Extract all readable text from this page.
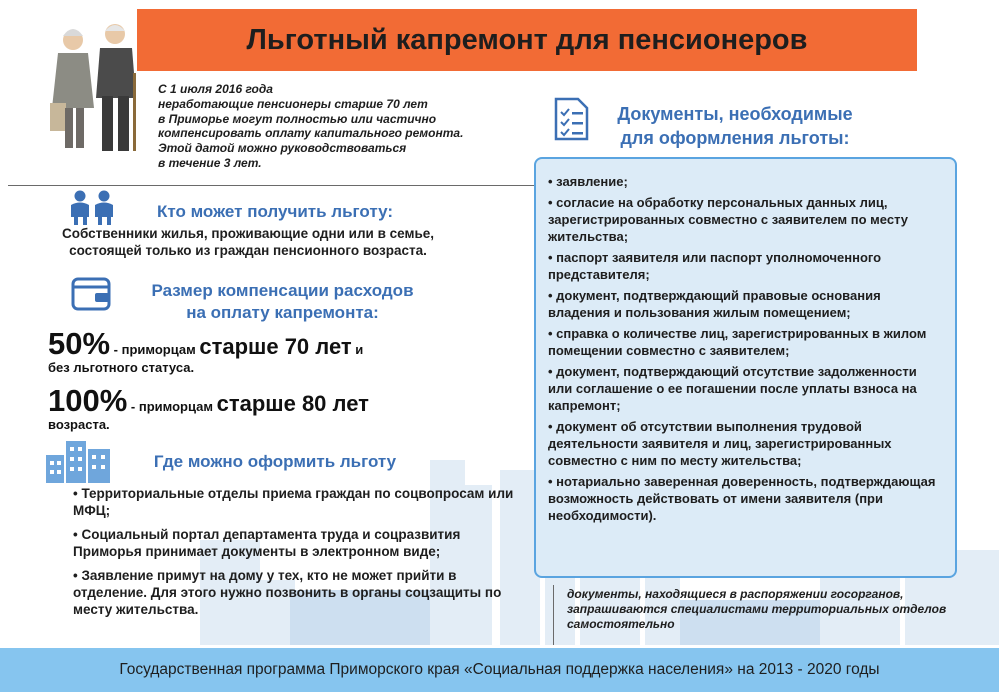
Льготный капремонт для пенсионеров
С 1 июля 2016 года
неработающие пенсионеры старше 70 лет
в Приморье могут полностью или частично
компенсировать оплату капитального ремонта.
Этой датой можно руководствоваться
в течение 3 лет.
Кто может получить льготу:
Собственники жилья, проживающие одни или в семье,
состоящей только из граждан пенсионного возраста.
Размер компенсации расходов
на оплату капремонта:
50% - приморцам старше 70 лет и
без льготного статуса.
100% - приморцам старше 80 лет
возраста.
Где можно оформить льготу
• Территориальные отделы приема граждан по соцвопросам или МФЦ;
• Социальный портал департамента труда и соцразвития Приморья принимает документы в электронном виде;
• Заявление примут на дому у тех, кто не может прийти в отделение. Для этого нужно позвонить в органы соцзащиты по месту жительства.
Документы, необходимые
для оформления льготы:
• заявление;
• согласие на обработку персональных данных лиц, зарегистрированных совместно с заявителем по месту жительства;
• паспорт заявителя или паспорт уполномоченного представителя;
• документ, подтверждающий правовые основания владения и пользования жилым помещением;
• справка о количестве лиц, зарегистрированных в жилом помещении совместно с заявителем;
• документ, подтверждающий отсутствие задолженности или соглашение о ее погашении после уплаты взноса на капремонт;
• документ об отсутствии выполнения трудовой деятельности заявителя и лиц, зарегистрированных совместно с ним по месту жительства;
• нотариально заверенная доверенность, подтверждающая возможность действовать от имени заявителя (при необходимости).
документы, находящиеся в распоряжении госорганов, запрашиваются специалистами территориальных отделов самостоятельно
Государственная программа Приморского края «Социальная поддержка населения» на 2013 - 2020 годы
